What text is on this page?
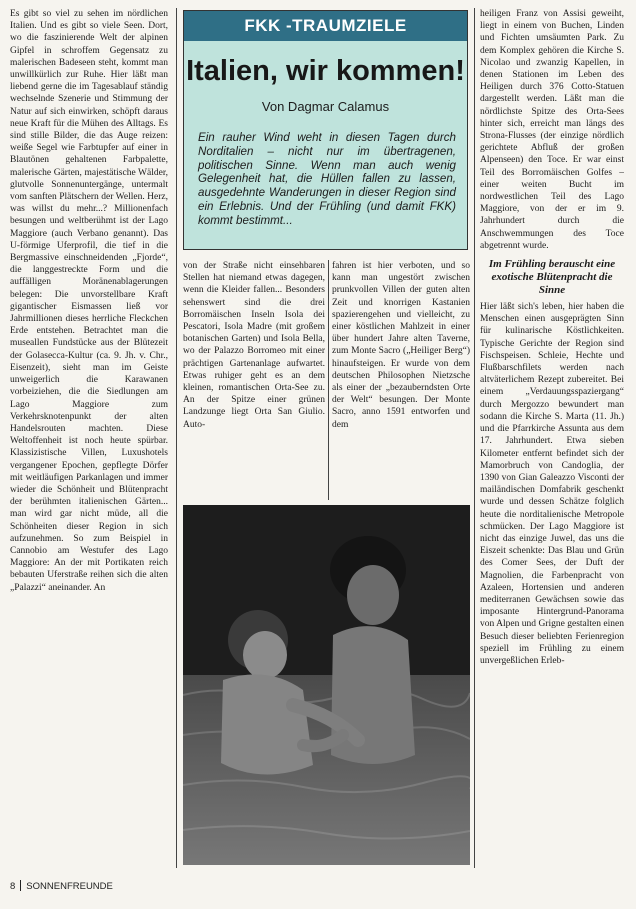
Es gibt so viel zu sehen im nördlichen Italien. Und es gibt so viele Seen. Dort, wo die faszinierende Welt der alpinen Gipfel in schroffem Gegensatz zu malerischen Badeseen steht, kommt man unwillkürlich zur Ruhe. Hier läßt man liebend gerne die im Tagesablauf ständig wechselnde Szenerie und Stimmung der Natur auf sich einwirken, schöpft daraus neue Kraft für die Mühen des Alltags. Es sind stille Bilder, die das Auge reizen: weiße Segel wie Farbtupfer auf einer in Blautönen gehaltenen Farbpalette, malerische Gärten, majestätische Wälder, glutvolle Sonnenuntergänge, untermalt vom sanften Plätschern der Wellen. Herz, was willst du mehr...? Millionenfach besungen und weltberühmt ist der Lago Maggiore (auch Verbano genannt). Das U-förmige Uferprofil, die tief in die Bergmassive einschneidenden „Fjorde“, die langgestreckte Form und die auffälligen Moränenablagerungen belegen: Die unvorstellbare Kraft gigantischer Eismassen ließ vor Jahrmillionen dieses herrliche Fleckchen Erde entstehen. Betrachtet man die museallen Fundstücke aus der Blütezeit der Golasecca-Kultur (ca. 9. Jh. v. Chr., Eisenzeit), sieht man im Geiste unweigerlich die Karawanen vorbeiziehen, die die Siedlungen am Lago Maggiore zum Verkehrsknotenpunkt der alten Handelsrouten machten. Diese Weltoffenheit ist noch heute spürbar. Klassizistische Villen, Luxushotels vergangener Epochen, gepflegte Dörfer mit weitläufigen Parkanlagen und immer wieder die Schönheit und Blütenpracht der berühmten italienischen Gärten... man wird gar nicht müde, all die Schönheiten dieser Region in sich aufzunehmen. So zum Beispiel in Cannobio am Westufer des Lago Maggiore: An der mit Portikaten reich bebauten Uferstraße reihen sich die alten „Palazzi“ aneinander. An

FKK -TRAUMZIELE
Italien, wir kommen!
Von Dagmar Calamus
Ein rauher Wind weht in diesen Tagen durch Norditalien – nicht nur im übertragenen, politischen Sinne. Wenn man auch wenig Gelegenheit hat, die Hüllen fallen zu lassen, ausgedehnte Wanderungen in dieser Region sind ein Erlebnis. Und der Frühling (und damit FKK) kommt bestimmt...

von der Straße nicht einsehbaren Stellen hat niemand etwas dagegen, wenn die Kleider fallen... Besonders sehenswert sind die drei Borromäischen Inseln Isola dei Pescatori, Isola Madre (mit großem botanischen Garten) und Isola Bella, wo der Palazzo Borromeo mit einer prächtigen Gartenanlage aufwartet. Etwas ruhiger geht es an dem kleinen, romantischen Orta-See zu. An der Spitze einer grünen Landzunge liegt Orta San Giulio. Auto-

fahren ist hier verboten, und so kann man ungestört zwischen prunkvollen Villen der guten alten Zeit und knorrigen Kastanien spazierengehen und vielleicht, zu einer köstlichen Mahlzeit in einer über hundert Jahre alten Taverne, zum Monte Sacro („Heiliger Berg“) hinaufsteigen. Er wurde von dem deutschen Philosophen Nietzsche als einer der „bezauberndsten Orte der Welt“ besungen. Der Monte Sacro, anno 1591 entworfen und dem

heiligen Franz von Assisi geweiht, liegt in einem von Buchen, Linden und Fichten umsäumten Park. Zu dem Komplex gehören die Kirche S. Nicolao und zwanzig Kapellen, in denen Stationen im Leben des Heiligen durch 376 Cotto-Statuen dargestellt werden. Läßt man die nördlichste Spitze des Orta-Sees hinter sich, erreicht man längs des Strona-Flusses (der einzige nördlich gerichtete Abfluß der großen Alpenseen) den Toce. Er war einst Teil des Borromäischen Golfes – einer weiten Bucht im nordwestlichen Teil des Lago Maggiore, von der er im 9. Jahrhundert durch die Anschwemmungen des Toce abgetrennt wurde.

Im Frühling berauscht eine exotische Blütenpracht die Sinne

Hier läßt sich's leben, hier haben die Menschen einen ausgeprägten Sinn für kulinarische Köstlichkeiten. Typische Gerichte der Region sind Fischspeisen. Schleie, Hechte und Flußbarschfilets werden nach altväterlichem Rezept zubereitet. Bei einem „Verdauungsspaziergang“ durch Mergozzo bewundert man sodann die Kirche S. Marta (11. Jh.) und die Pfarrkirche Assunta aus dem 17. Jahrhundert. Etwa sieben Kilometer entfernt befindet sich der Mamorbruch von Candoglia, der 1390 von Gian Galeazzo Visconti der mailändischen Domfabrik geschenkt wurde und dessen Schätze folglich heute die norditalienische Metropole schmücken. Der Lago Maggiore ist nicht das einzige Juwel, das uns die Eiszeit schenkte: Das Blau und Grün des Comer Sees, der Duft der Magnolien, die Farbenpracht von Azaleen, Hortensien und anderen mediterranen Gewächsen sowie das imposante Hintergrund-Panorama von Alpen und Grigne gestalten einen Besuch dieser beliebten Ferienregion speziell im Frühling zu einem unvergeßlichen Erleb-

8 SONNENFREUNDE
